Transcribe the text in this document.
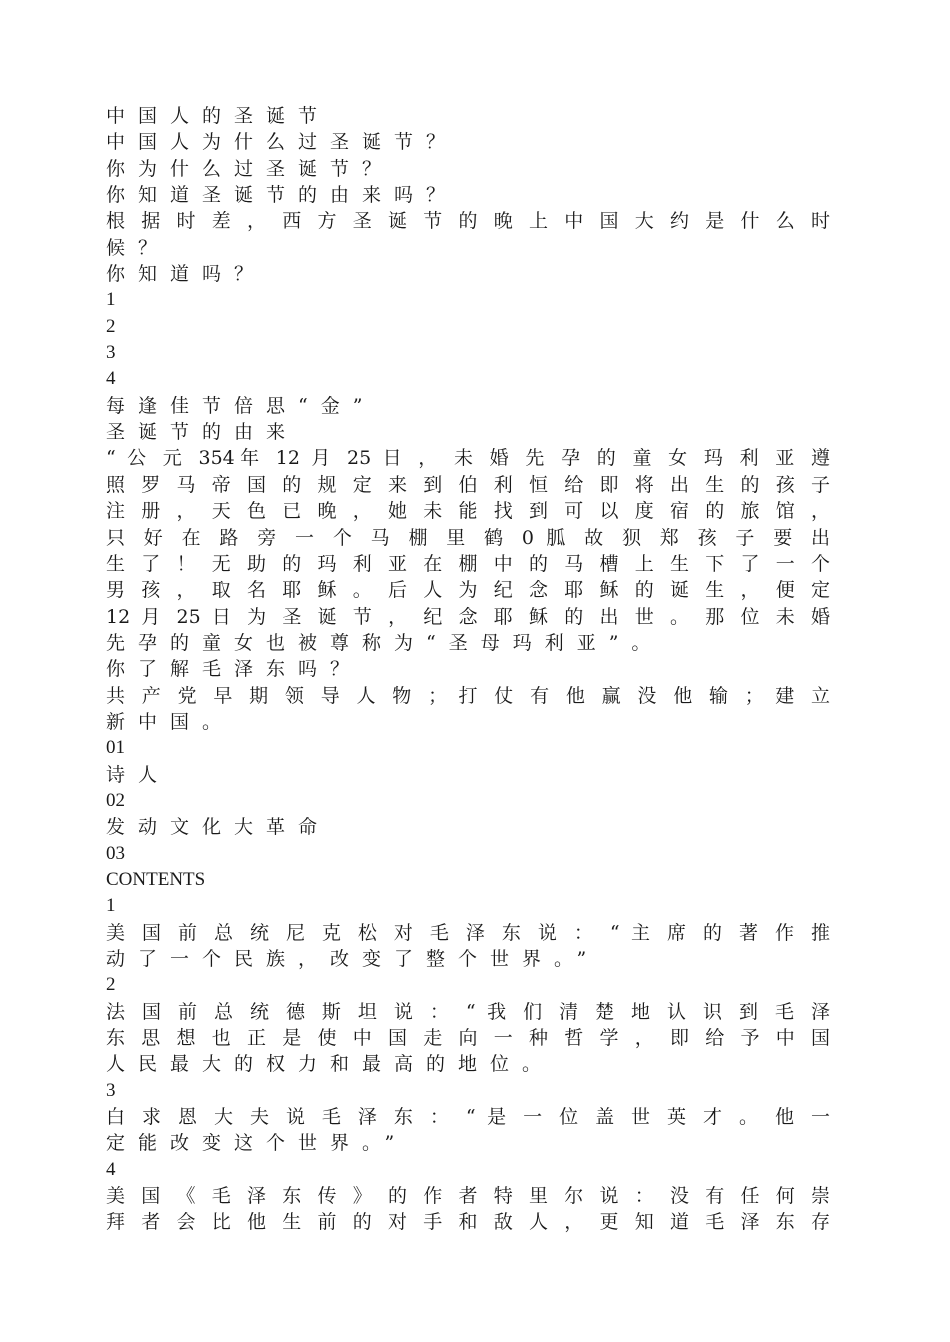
中国人的圣诞节
中国人为什么过圣诞节？
你为什么过圣诞节？
你知道圣诞节的由来吗？
根 据 时 差 ， 西 方 圣 诞 节 的 晚 上 中 国 大 约 是 什 么 时
候？
你知道吗？
1
2
3
4
每逢佳节倍思“金”
圣诞节的由来
“ 公 元 354年 12 月 25 日 ， 未 婚 先 孕 的 童 女 玛 利 亚 遵
照 罗 马 帝 国 的 规 定 来 到 伯 利 恒 给 即 将 出 生 的 孩 子
注 册 ， 天 色 已 晚 ， 她 未 能 找 到 可 以 度 宿 的 旅 馆 ，
只 好 在 路 旁 一 个 马 棚 里 鹤 0 胍 故 狈 郑 孩 子 要 出
生 了 ！ 无 助 的 玛 利 亚 在 棚 中 的 马 槽 上 生 下 了 一 个
男 孩 ， 取 名 耶 稣 。 后 人 为 纪 念 耶 稣 的 诞 生 ， 便 定
12 月 25 日 为 圣 诞 节 ， 纪 念 耶 稣 的 出 世 。 那 位 未 婚
先孕的童女也被尊称为“圣母玛利亚”。
你了解毛泽东吗？
共 产 党 早 期 领 导 人 物 ； 打 仗 有 他 赢 没 他 输 ； 建 立
新中国。
01
诗人
02
发动文化大革命
03
CONTENTS
1
美 国 前 总 统 尼 克 松 对 毛 泽 东 说 ： “ 主 席 的 著 作 推
动了一个民族，改变了整个世界。”
2
法 国 前 总 统 德 斯 坦 说 ： “ 我 们 清 楚 地 认 识 到 毛 泽
东 思 想 也 正 是 使 中 国 走 向 一 种 哲 学 ， 即 给 予 中 国
人民最大的权力和最高的地位。
3
白 求 恩 大 夫 说 毛 泽 东 ： “ 是 一 位 盖 世 英 才 。 他 一
定能改变这个世界。”
4
美 国 《 毛 泽 东 传 》 的 作 者 特 里 尔 说 ： 没 有 任 何 崇
拜 者 会 比 他 生 前 的 对 手 和 敌 人 ， 更 知 道 毛 泽 东 存
